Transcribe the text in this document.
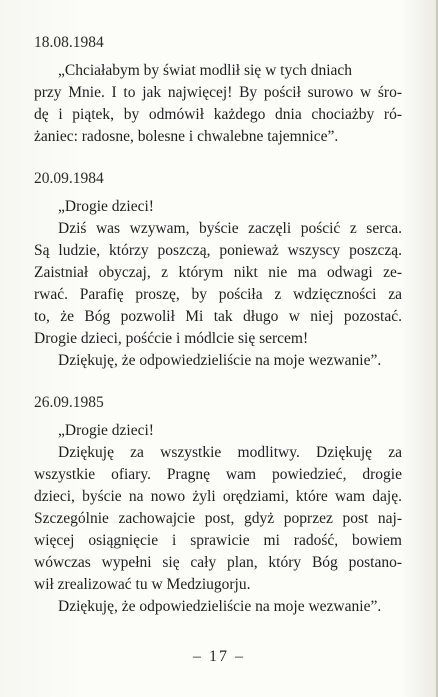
18.08.1984
„Chciałabym by świat modlił się w tych dniach
przy Mnie. I to jak najwięcej! By pościł surowo w śro-
dę i piątek, by odmówił każdego dnia chociażby ró-
żaniec: radosne, bolesne i chwalebne tajemnice”.
20.09.1984
„Drogie dzieci!
Dziś was wzywam, byście zaczęli pościć z serca.
Są ludzie, którzy poszczą, ponieważ wszyscy poszczą.
Zaistniał obyczaj, z którym nikt nie ma odwagi ze-
rwać. Parafię proszę, by pościła z wdzięczności za
to, że Bóg pozwolił Mi tak długo w niej pozostać.
Drogie dzieci, pośćcie i módlcie się sercem!
Dziękuję, że odpowiedzieliście na moje wezwanie”.
26.09.1985
„Drogie dzieci!
Dziękuję za wszystkie modlitwy. Dziękuję za
wszystkie ofiary. Pragnę wam powiedzieć, drogie
dzieci, byście na nowo żyli orędziami, które wam daję.
Szczególnie zachowajcie post, gdyż poprzez post naj-
więcej osiągnięcie i sprawicie mi radość, bowiem
wówczas wypełni się cały plan, który Bóg postano-
wił zrealizować tu w Medziugorju.
Dziękuję, że odpowiedzieliście na moje wezwanie”.
– 17 –
